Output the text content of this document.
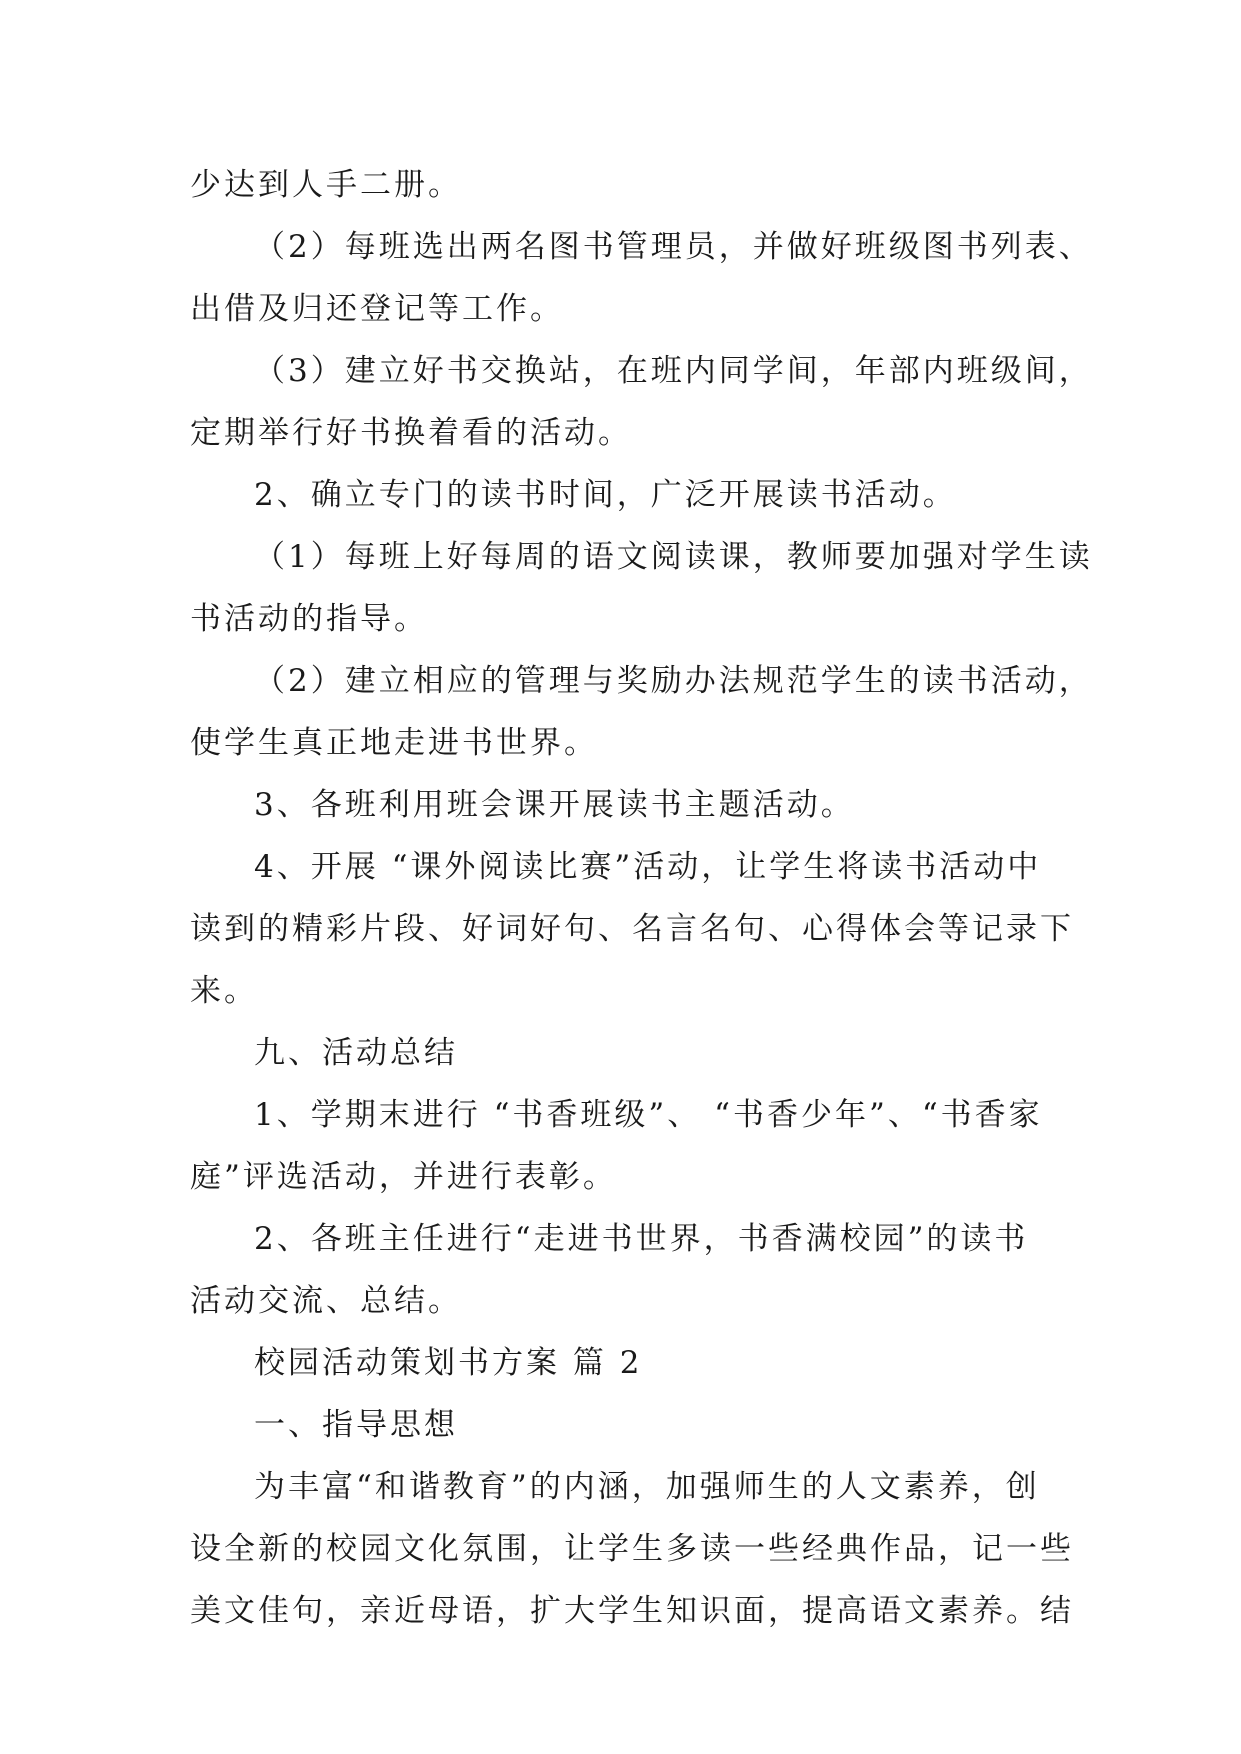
少达到人手二册。
（2）每班选出两名图书管理员，并做好班级图书列表、
出借及归还登记等工作。
（3）建立好书交换站，在班内同学间，年部内班级间，
定期举行好书换着看的活动。
2、确立专门的读书时间，广泛开展读书活动。
（1）每班上好每周的语文阅读课，教师要加强对学生读
书活动的指导。
（2）建立相应的管理与奖励办法规范学生的读书活动，
使学生真正地走进书世界。
3、各班利用班会课开展读书主题活动。
4、开展 “课外阅读比赛”活动，让学生将读书活动中
读到的精彩片段、好词好句、名言名句、心得体会等记录下
来。
九、活动总结
1、学期末进行 “书香班级”、 “书香少年”、“书香家
庭”评选活动，并进行表彰。
2、各班主任进行“走进书世界，书香满校园”的读书
活动交流、总结。
校园活动策划书方案 篇 2
一、指导思想
为丰富“和谐教育”的内涵，加强师生的人文素养，创
设全新的校园文化氛围，让学生多读一些经典作品，记一些
美文佳句，亲近母语，扩大学生知识面，提高语文素养。结
